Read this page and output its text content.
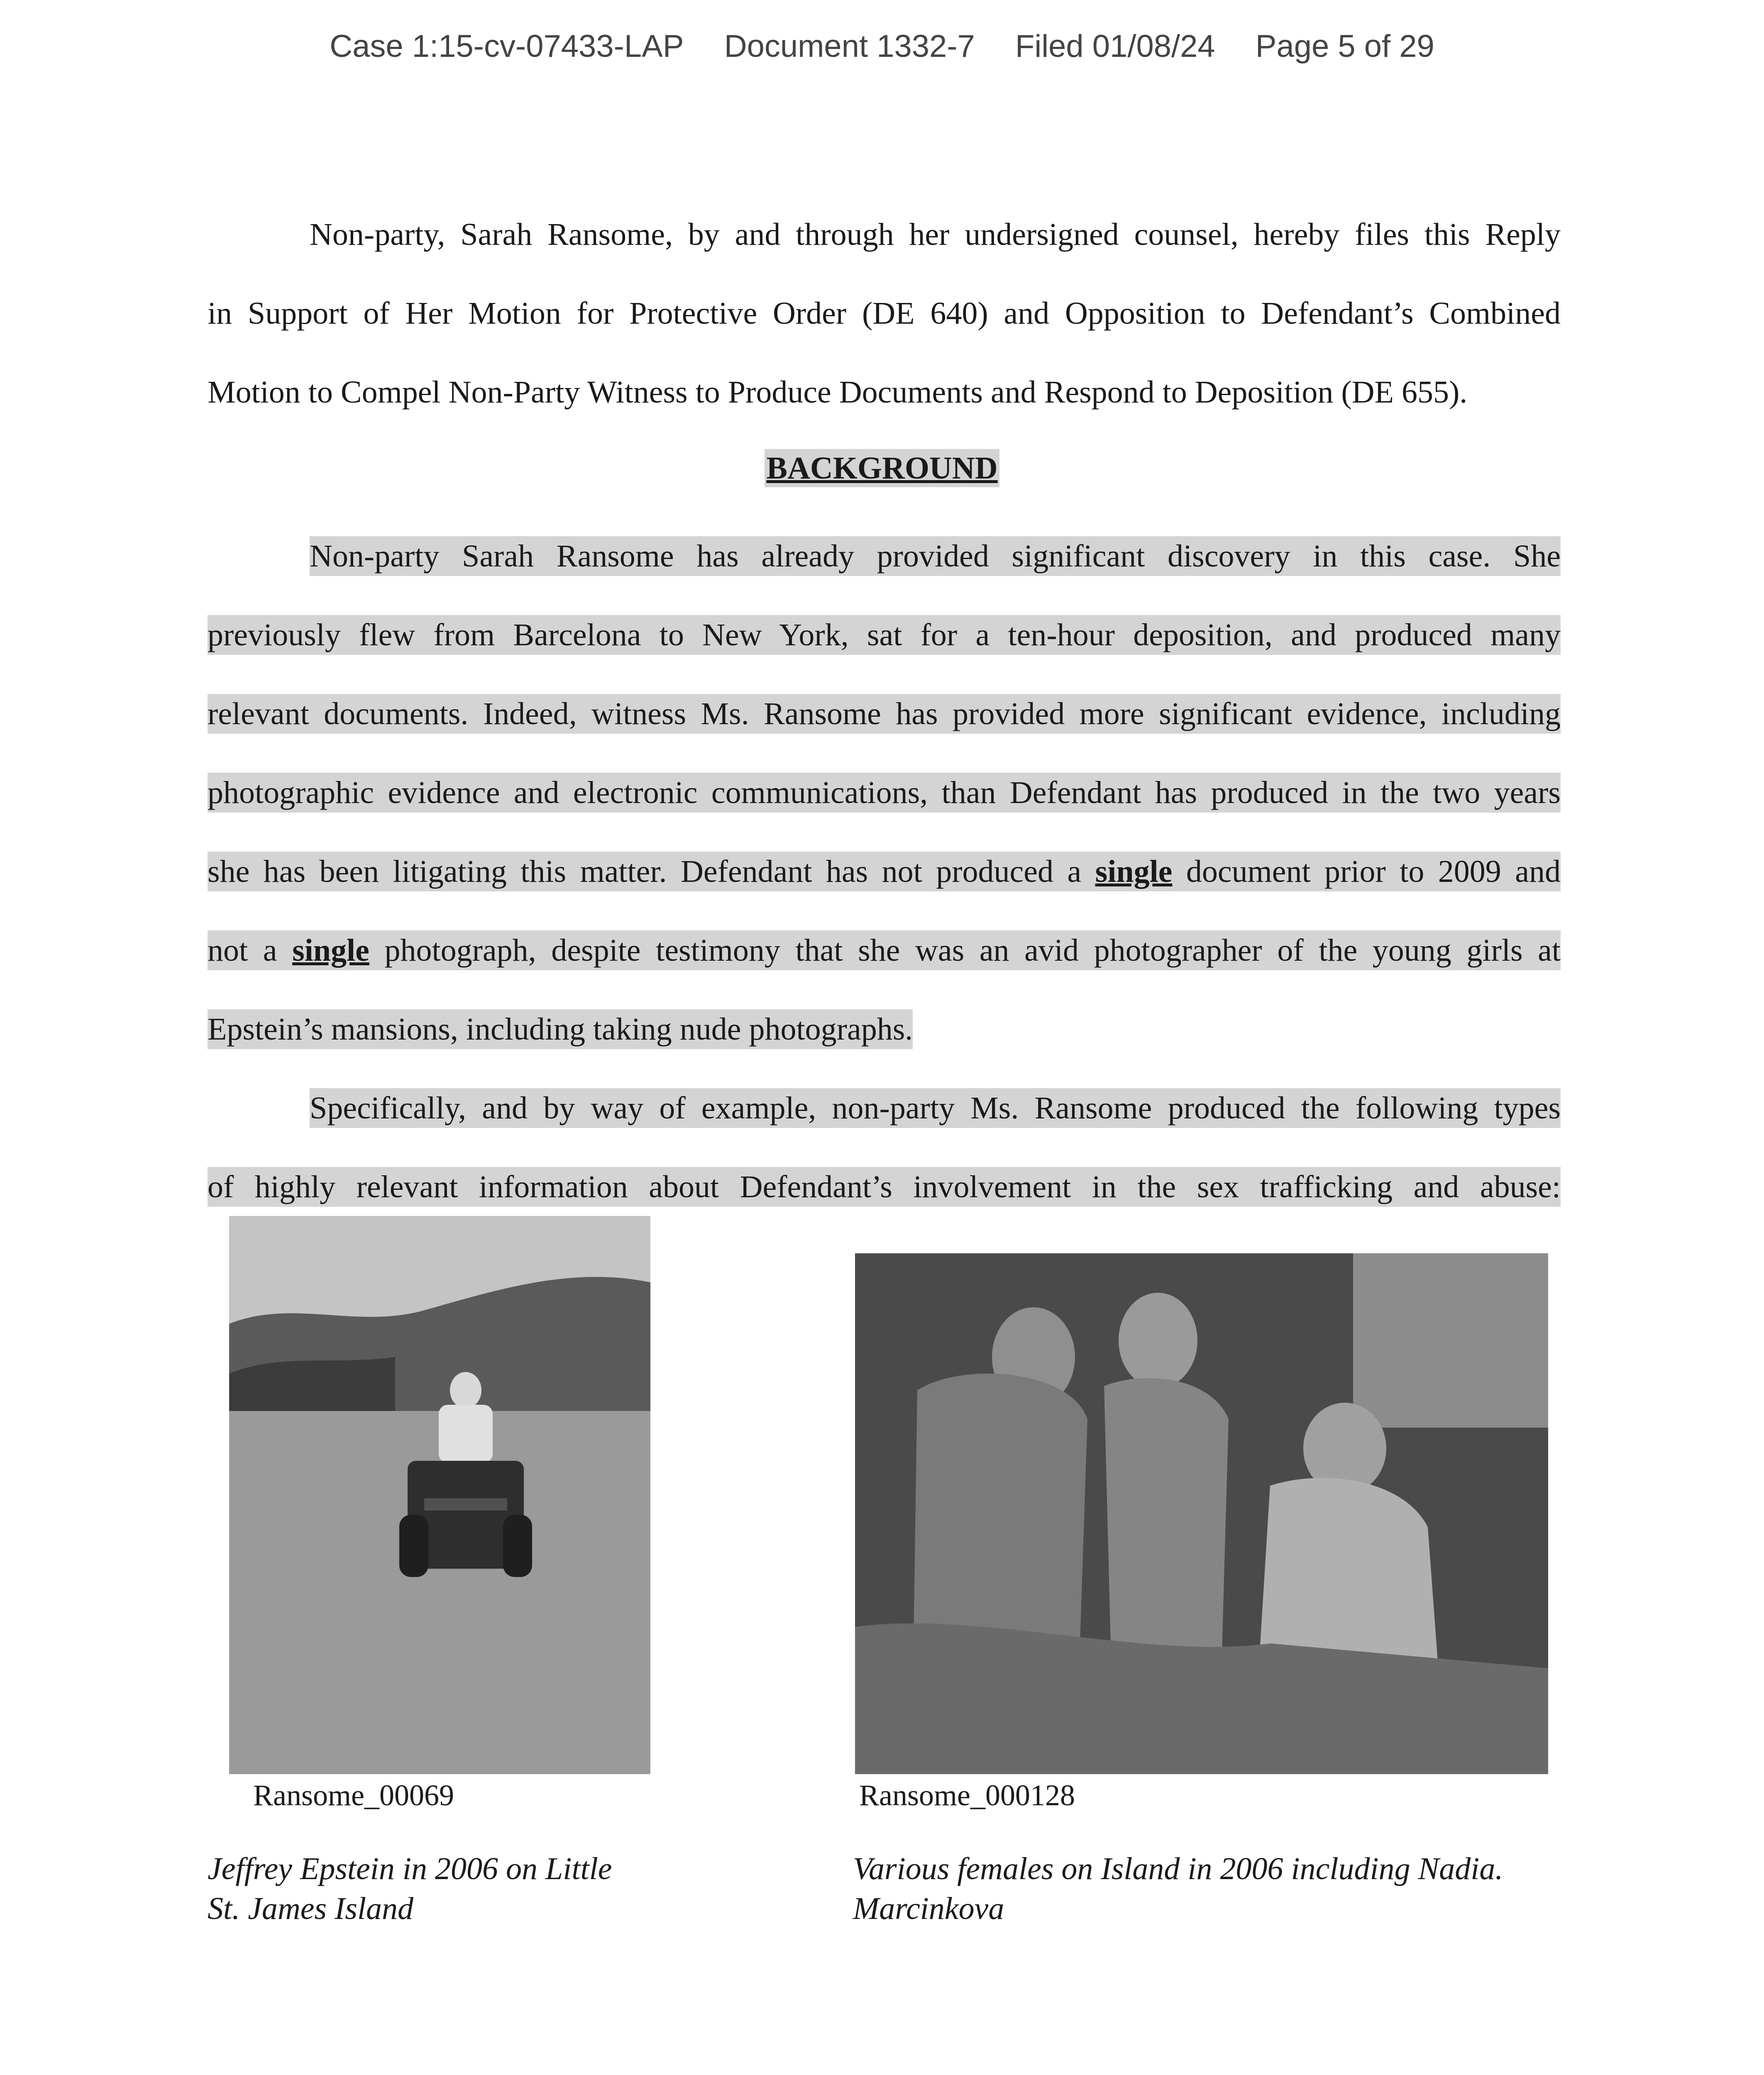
Case 1:15-cv-07433-LAP Document 1332-7 Filed 01/08/24 Page 5 of 29
Non-party, Sarah Ransome, by and through her undersigned counsel, hereby files this Reply
in Support of Her Motion for Protective Order (DE 640) and Opposition to Defendant’s Combined
Motion to Compel Non-Party Witness to Produce Documents and Respond to Deposition (DE 655).
BACKGROUND
Non-party Sarah Ransome has already provided significant discovery in this case. She
previously flew from Barcelona to New York, sat for a ten-hour deposition, and produced many
relevant documents. Indeed, witness Ms. Ransome has provided more significant evidence, including
photographic evidence and electronic communications, than Defendant has produced in the two years
she has been litigating this matter. Defendant has not produced a single document prior to 2009 and
not a single photograph, despite testimony that she was an avid photographer of the young girls at
Epstein’s mansions, including taking nude photographs.
Specifically, and by way of example, non-party Ms. Ransome produced the following types
of highly relevant information about Defendant’s involvement in the sex trafficking and abuse:
Ransome_00069
Jeffrey Epstein in 2006 on Little
St. James Island
Ransome_000128
Various females on Island in 2006 including Nadia.
Marcinkova
